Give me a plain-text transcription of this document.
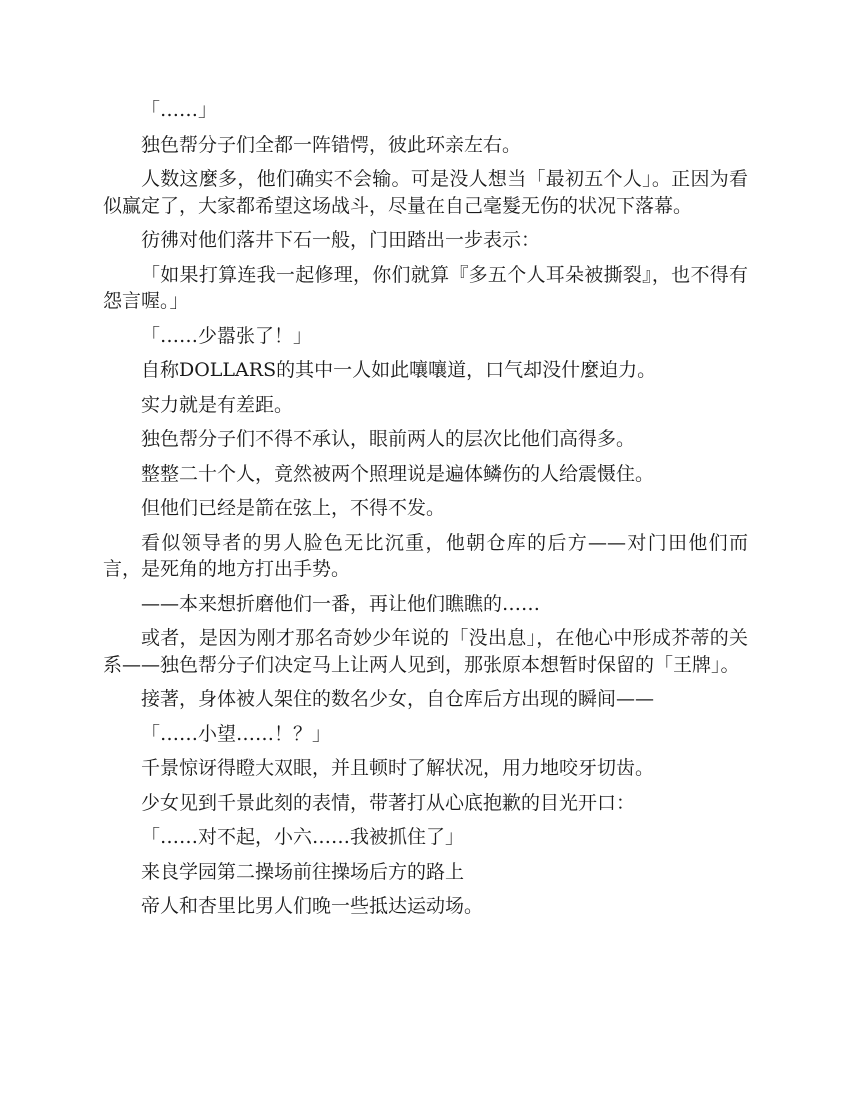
「……」

独色帮分子们全都一阵错愕，彼此环亲左右。

人数这麼多，他们确实不会输。可是没人想当「最初五个人」。正因为看似赢定了，大家都希望这场战斗，尽量在自己毫髮无伤的状况下落幕。

彷彿对他们落井下石一般，门田踏出一步表示：

「如果打算连我一起修理，你们就算『多五个人耳朵被撕裂』，也不得有怨言喔。」

「……少嚣张了！」

自称DOLLARS的其中一人如此嚷嚷道，口气却没什麼迫力。

实力就是有差距。

独色帮分子们不得不承认，眼前两人的层次比他们高得多。

整整二十个人，竟然被两个照理说是遍体鳞伤的人给震慑住。

但他们已经是箭在弦上，不得不发。

看似领导者的男人脸色无比沉重，他朝仓库的后方——对门田他们而言，是死角的地方打出手势。

——本来想折磨他们一番，再让他们瞧瞧的……

或者，是因为刚才那名奇妙少年说的「没出息」，在他心中形成芥蒂的关系——独色帮分子们决定马上让两人见到，那张原本想暂时保留的「王牌」。

接著，身体被人架住的数名少女，自仓库后方出现的瞬间——

「……小望……！？」

千景惊讶得瞪大双眼，并且顿时了解状况，用力地咬牙切齿。

少女见到千景此刻的表情，带著打从心底抱歉的目光开口：

「……对不起，小六……我被抓住了」

来良学园第二操场前往操场后方的路上

帝人和杏里比男人们晚一些抵达运动场。
